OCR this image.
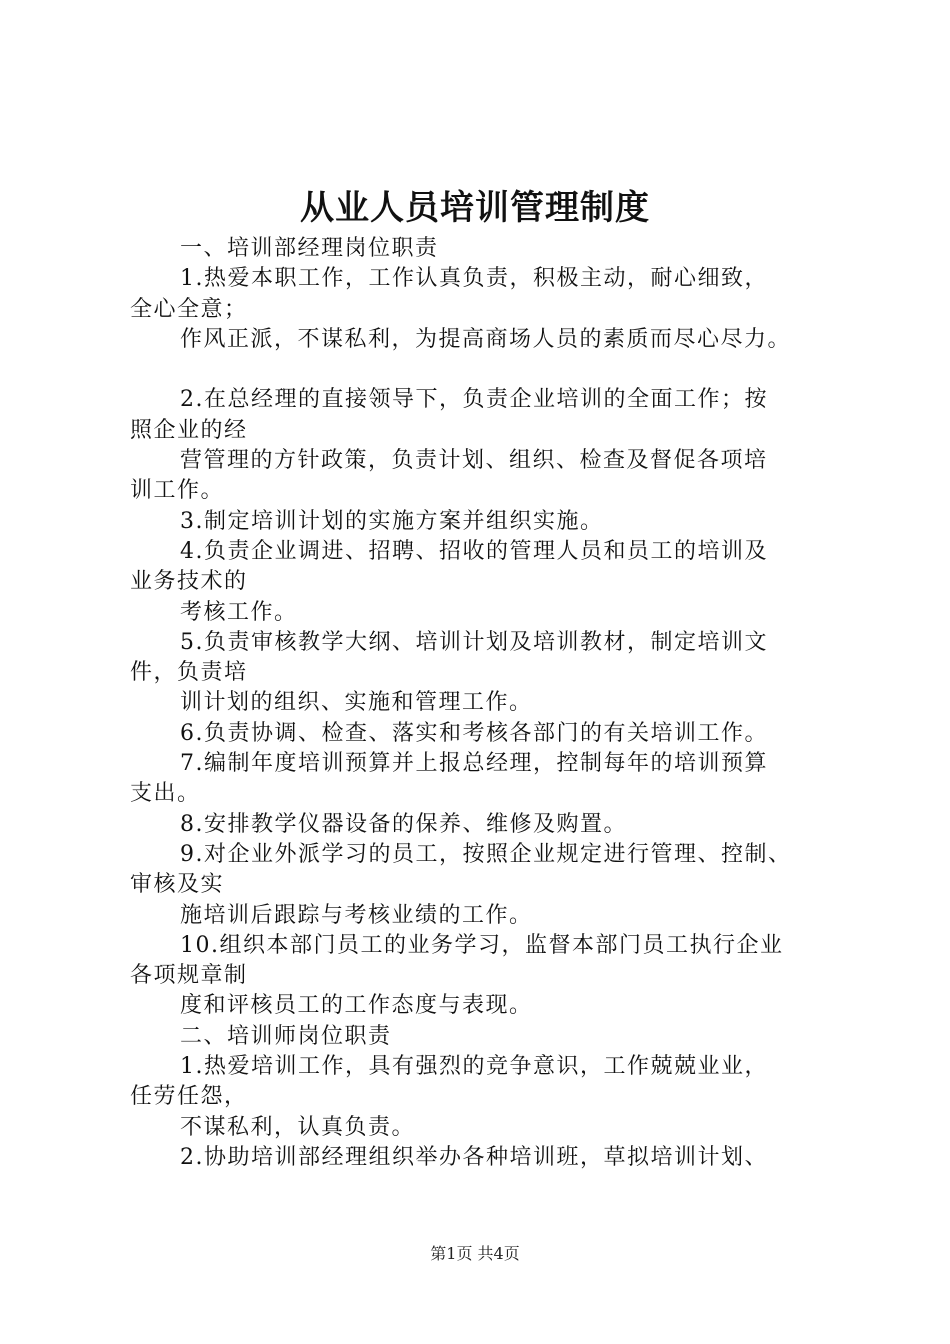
从业人员培训管理制度
一、培训部经理岗位职责
1.热爱本职工作，工作认真负责，积极主动，耐心细致，
全心全意；
作风正派，不谋私利，为提高商场人员的素质而尽心尽力。
2.在总经理的直接领导下，负责企业培训的全面工作；按
照企业的经
营管理的方针政策，负责计划、组织、检查及督促各项培
训工作。
3.制定培训计划的实施方案并组织实施。
4.负责企业调进、招聘、招收的管理人员和员工的培训及
业务技术的
考核工作。
5.负责审核教学大纲、培训计划及培训教材，制定培训文
件，负责培
训计划的组织、实施和管理工作。
6.负责协调、检查、落实和考核各部门的有关培训工作。
7.编制年度培训预算并上报总经理，控制每年的培训预算
支出。
8.安排教学仪器设备的保养、维修及购置。
9.对企业外派学习的员工，按照企业规定进行管理、控制、
审核及实
施培训后跟踪与考核业绩的工作。
10.组织本部门员工的业务学习，监督本部门员工执行企业
各项规章制
度和评核员工的工作态度与表现。
二、培训师岗位职责
1.热爱培训工作，具有强烈的竞争意识，工作兢兢业业，
任劳任怨，
不谋私利，认真负责。
2.协助培训部经理组织举办各种培训班，草拟培训计划、
第1页 共4页
